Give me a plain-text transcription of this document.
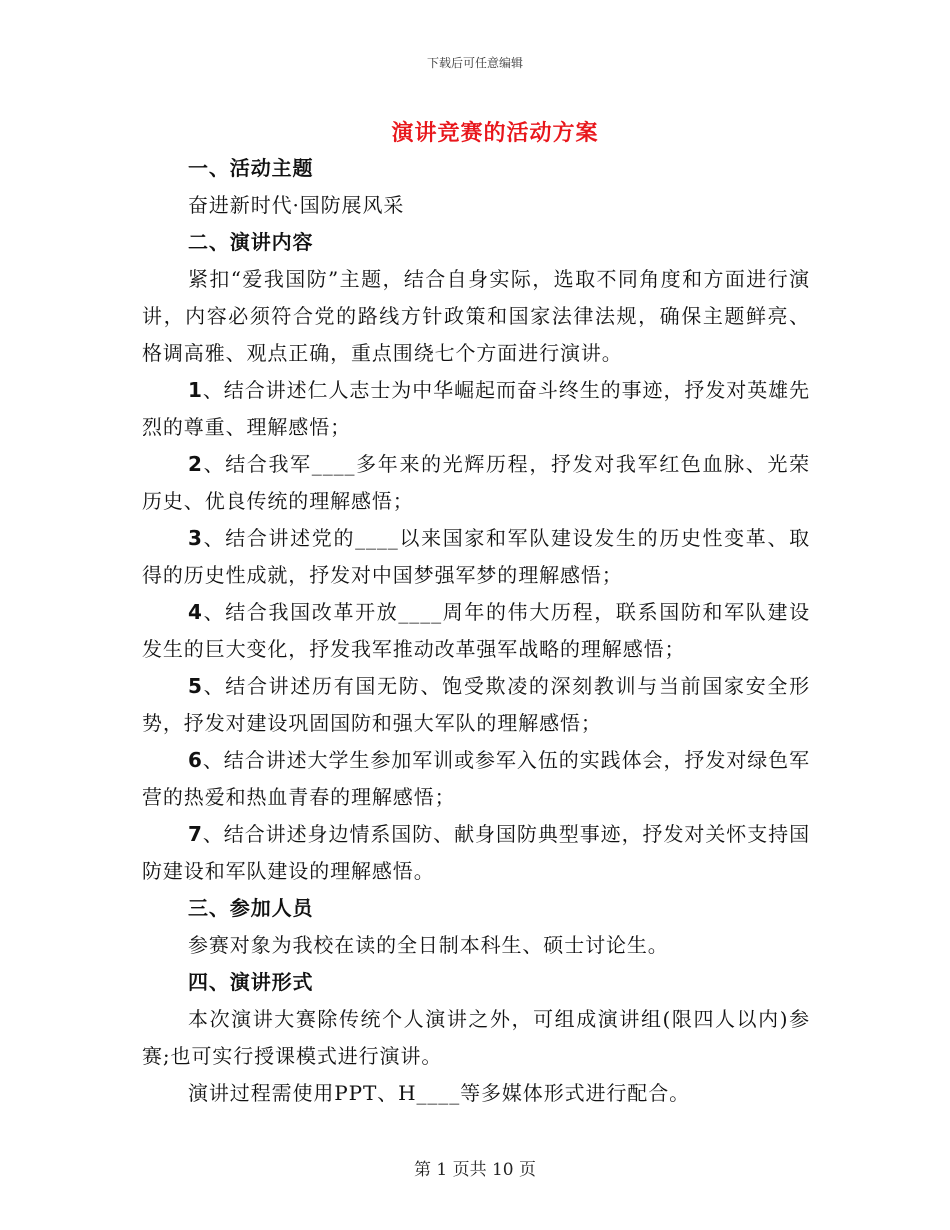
下载后可任意编辑
演讲竞赛的活动方案

一、活动主题

奋进新时代·国防展风采

二、演讲内容

紧扣“爱我国防”主题，结合自身实际，选取不同角度和方面进行演讲，内容必须符合党的路线方针政策和国家法律法规，确保主题鲜亮、格调高雅、观点正确，重点围绕七个方面进行演讲。

1、结合讲述仁人志士为中华崛起而奋斗终生的事迹，抒发对英雄先烈的尊重、理解感悟；

2、结合我军____多年来的光辉历程，抒发对我军红色血脉、光荣历史、优良传统的理解感悟；

3、结合讲述党的____以来国家和军队建设发生的历史性变革、取得的历史性成就，抒发对中国梦强军梦的理解感悟；

4、结合我国改革开放____周年的伟大历程，联系国防和军队建设发生的巨大变化，抒发我军推动改革强军战略的理解感悟；

5、结合讲述历有国无防、饱受欺凌的深刻教训与当前国家安全形势，抒发对建设巩固国防和强大军队的理解感悟；

6、结合讲述大学生参加军训或参军入伍的实践体会，抒发对绿色军营的热爱和热血青春的理解感悟；

7、结合讲述身边情系国防、献身国防典型事迹，抒发对关怀支持国防建设和军队建设的理解感悟。

三、参加人员

参赛对象为我校在读的全日制本科生、硕士讨论生。

四、演讲形式

本次演讲大赛除传统个人演讲之外，可组成演讲组(限四人以内)参赛;也可实行授课模式进行演讲。

演讲过程需使用PPT、H____等多媒体形式进行配合。

第 1 页共 10 页
